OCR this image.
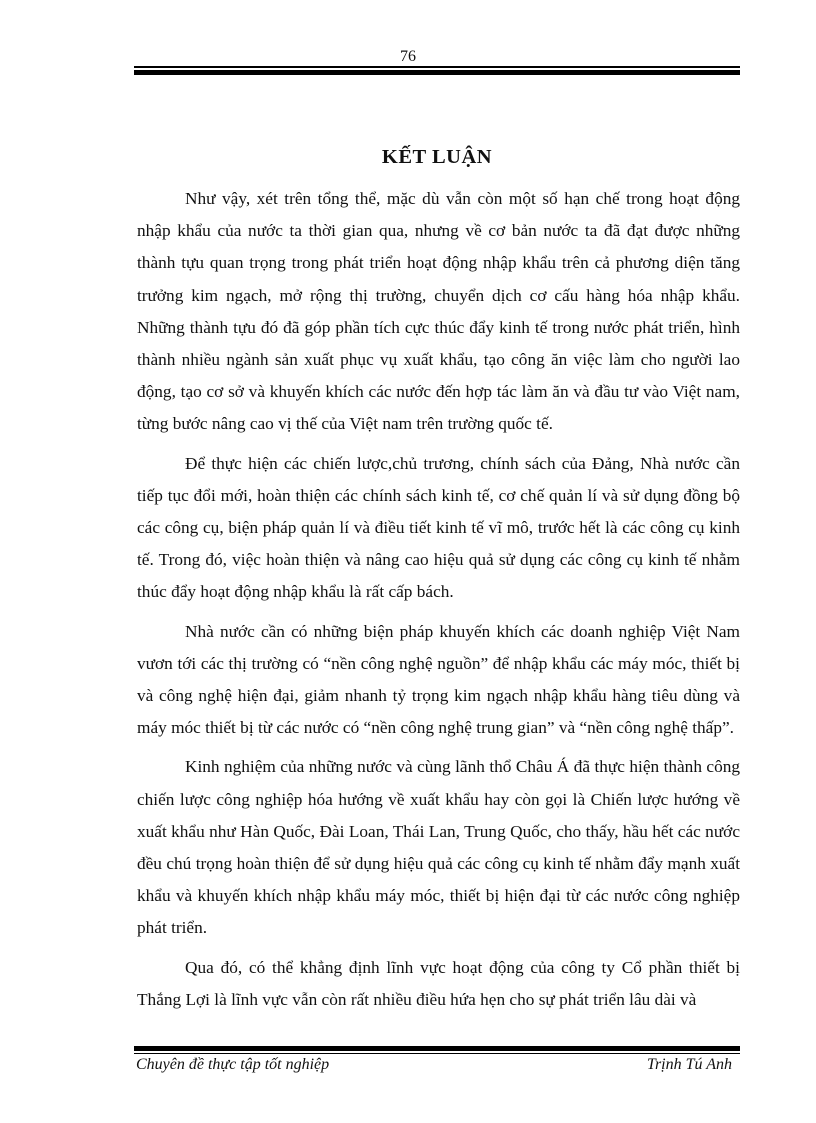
76
KẾT LUẬN

Như vậy, xét trên tổng thể, mặc dù vẫn còn một số hạn chế trong hoạt động nhập khẩu của nước ta thời gian qua, nhưng về cơ bản nước ta đã đạt được những thành tựu quan trọng trong phát triển hoạt động nhập khẩu trên cả phương diện tăng trưởng kim ngạch, mở rộng thị trường, chuyển dịch cơ cấu hàng hóa nhập khẩu. Những thành tựu đó đã góp phần tích cực thúc đẩy kinh tế trong nước phát triển, hình thành nhiều ngành sản xuất phục vụ xuất khẩu, tạo công ăn việc làm cho người lao động, tạo cơ sở và khuyến khích các nước đến hợp tác làm ăn và đầu tư vào Việt nam, từng bước nâng cao vị thế của Việt nam trên trường quốc tế.

Để thực hiện các chiến lược,chủ trương, chính sách của Đảng, Nhà nước cần tiếp tục đổi mới, hoàn thiện các chính sách kinh tế, cơ chế quản lí và sử dụng đồng bộ các công cụ, biện pháp quản lí và điều tiết kinh tế vĩ mô, trước hết là các công cụ kinh tế. Trong đó, việc hoàn thiện và nâng cao hiệu quả sử dụng các công cụ kinh tế nhằm thúc đẩy hoạt động nhập khẩu là rất cấp bách.

Nhà nước cần có những biện pháp khuyến khích các doanh nghiệp Việt Nam vươn tới các thị trường có “nền công nghệ nguồn” để nhập khẩu các máy móc, thiết bị và công nghệ hiện đại, giảm nhanh tỷ trọng kim ngạch nhập khẩu hàng tiêu dùng và máy móc thiết bị từ các nước có “nền công nghệ trung gian” và “nền công nghệ thấp”.

Kinh nghiệm của những nước và cùng lãnh thổ Châu Á đã thực hiện thành công chiến lược công nghiệp hóa hướng về xuất khẩu hay còn gọi là Chiến lược hướng về xuất khẩu như Hàn Quốc, Đài Loan, Thái Lan, Trung Quốc, cho thấy, hầu hết các nước đều chú trọng hoàn thiện để sử dụng hiệu quả các công cụ kinh tế nhằm đẩy mạnh xuất khẩu và khuyến khích nhập khẩu máy móc, thiết bị hiện đại từ các nước công nghiệp phát triển.

Qua đó, có thể khẳng định lĩnh vực hoạt động của công ty Cổ phần thiết bị Thắng Lợi là lĩnh vực vẫn còn rất nhiều điều hứa hẹn cho sự phát triển lâu dài và

Chuyên đề thực tập tốt nghiệp	Trịnh Tú Anh
